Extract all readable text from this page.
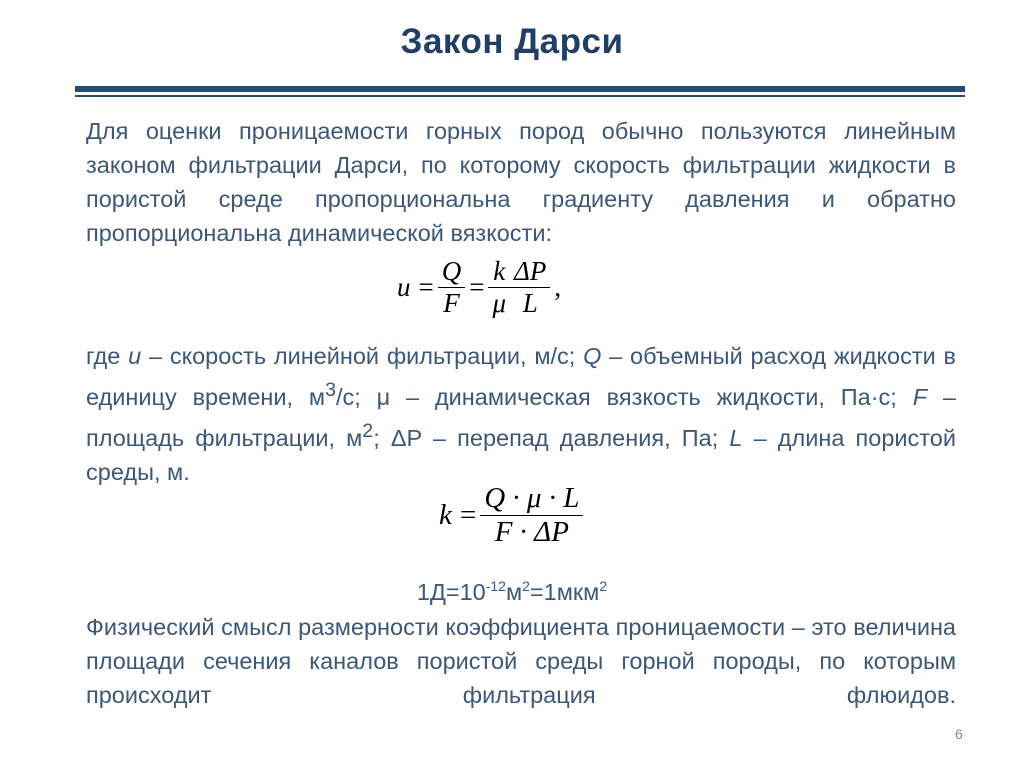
Закон Дарси

Для оценки проницаемости горных пород обычно пользуются линейным законом фильтрации Дарси, по которому скорость фильтрации жидкости в пористой среде пропорциональна градиенту давления и обратно пропорциональна динамической вязкости:

$u = \frac{Q}{F} = \frac{k}{\mu} \frac{\Delta P}{L}$ ,

где u – скорость линейной фильтрации, м/с; Q – объемный расход жидкости в единицу времени, $м^3/с$; μ – динамическая вязкость жидкости, Па·с; F – площадь фильтрации, $м^2$; ΔP – перепад давления, Па; L – длина пористой среды, м.

$k = \frac{Q \cdot \mu \cdot L}{F \cdot \Delta P}$
$1Д=10^{-12}м^2=1мкм^2$

Физический смысл размерности коэффициента проницаемости – это величина площади сечения каналов пористой среды горной породы, по которым происходит фильтрация флюидов.

6
